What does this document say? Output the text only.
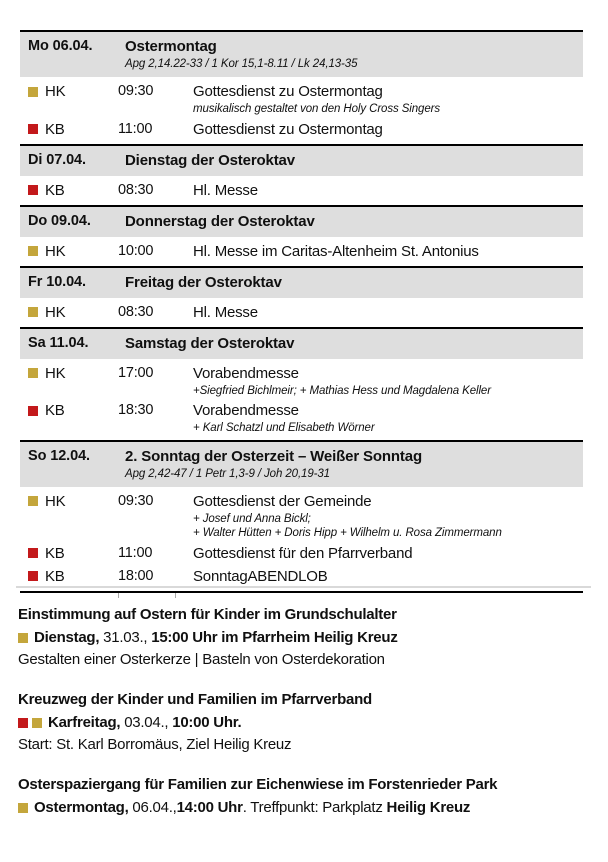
Mo 06.04.	Ostermontag
Apg 2,14.22-33 / 1 Kor 15,1-8.11 / Lk 24,13-35
HK	09:30	Gottesdienst zu Ostermontag
musikalisch gestaltet von den Holy Cross Singers
KB	11:00	Gottesdienst zu Ostermontag
Di 07.04.	Dienstag der Osteroktav
KB	08:30	Hl. Messe
Do 09.04.	Donnerstag der Osteroktav
HK	10:00	Hl. Messe im Caritas-Altenheim St. Antonius
Fr 10.04.	Freitag der Osteroktav
HK	08:30	Hl. Messe
Sa 11.04.	Samstag der Osteroktav
HK	17:00	Vorabendmesse
+Siegfried Bichlmeir; + Mathias Hess und Magdalena Keller
KB	18:30	Vorabendmesse
+ Karl Schatzl und Elisabeth Wörner
So 12.04.	2. Sonntag der Osterzeit – Weißer Sonntag
Apg 2,42-47 / 1 Petr 1,3-9 / Joh 20,19-31
HK	09:30	Gottesdienst der Gemeinde
+ Josef und Anna Bickl;
+ Walter Hütten + Doris Hipp + Wilhelm u. Rosa Zimmermann
KB	11:00	Gottesdienst für den Pfarrverband
KB	18:00	SonntagABENDLOB
Einstimmung auf Ostern für Kinder im Grundschulalter
Dienstag, 31.03., 15:00 Uhr im Pfarrheim Heilig Kreuz
Gestalten einer Osterkerze | Basteln von Osterdekoration
Kreuzweg der Kinder und Familien im Pfarrverband
Karfreitag, 03.04., 10:00 Uhr.
Start: St. Karl Borromäus, Ziel Heilig Kreuz
Osterspaziergang für Familien zur Eichenwiese im Forstenrieder Park
Ostermontag, 06.04., 14:00 Uhr . Treffpunkt: Parkplatz Heilig Kreuz
